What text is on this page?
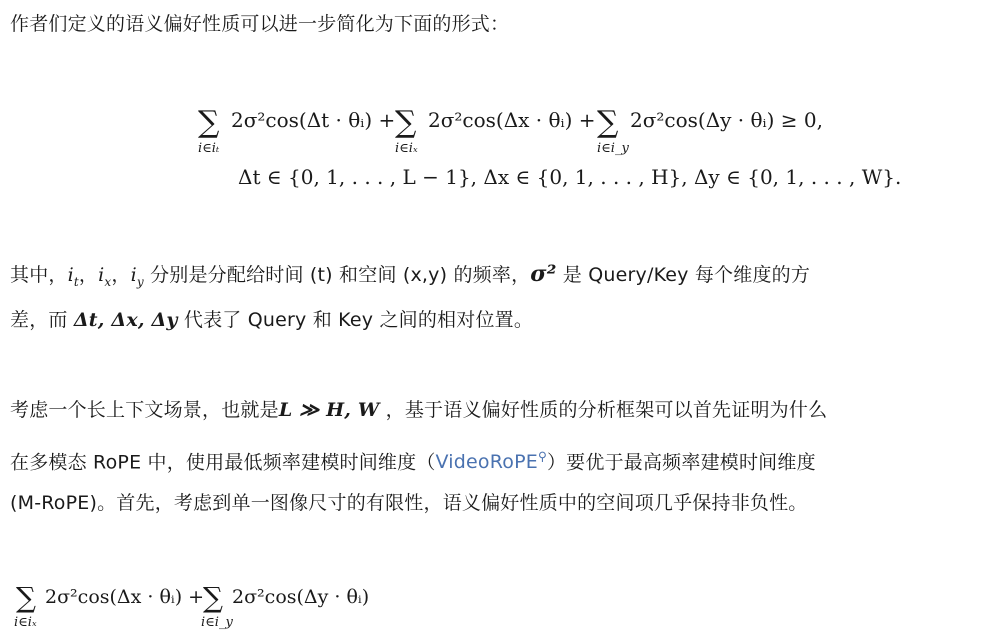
作者们定义的语义偏好性质可以进一步简化为下面的形式：
∑
i∈iₜ
2σ²cos(Δt · θᵢ) + ∑
i∈iₓ
2σ²cos(Δx · θᵢ) + ∑
i∈i_y
2σ²cos(Δy · θᵢ) ≥ 0,
Δt ∈ {0, 1, . . . , L − 1}, Δx ∈ {0, 1, . . . , H}, Δy ∈ {0, 1, . . . , W}.
∑
i∈iₓ
2σ²cos(Δx · θᵢ) +
∑
i∈i_y
2σ²cos(Δy · θᵢ)
其中，$i_t$，$i_x$，$i_y$ 分别是分配给时间 (t) 和空间 (x,y) 的频率，σ² 是 Query/Key 每个维度的方
差，而 Δt, Δx, Δy 代表了 Query 和 Key 之间的相对位置。
考虑一个长上下文场景，也就是L ≫ H, W ，基于语义偏好性质的分析框架可以首先证明为什么
在多模态 RoPE 中，使用最低频率建模时间维度（VideoRoPE⚲）要优于最高频率建模时间维度
(M-RoPE)。首先，考虑到单一图像尺寸的有限性，语义偏好性质中的空间项几乎保持非负性。
